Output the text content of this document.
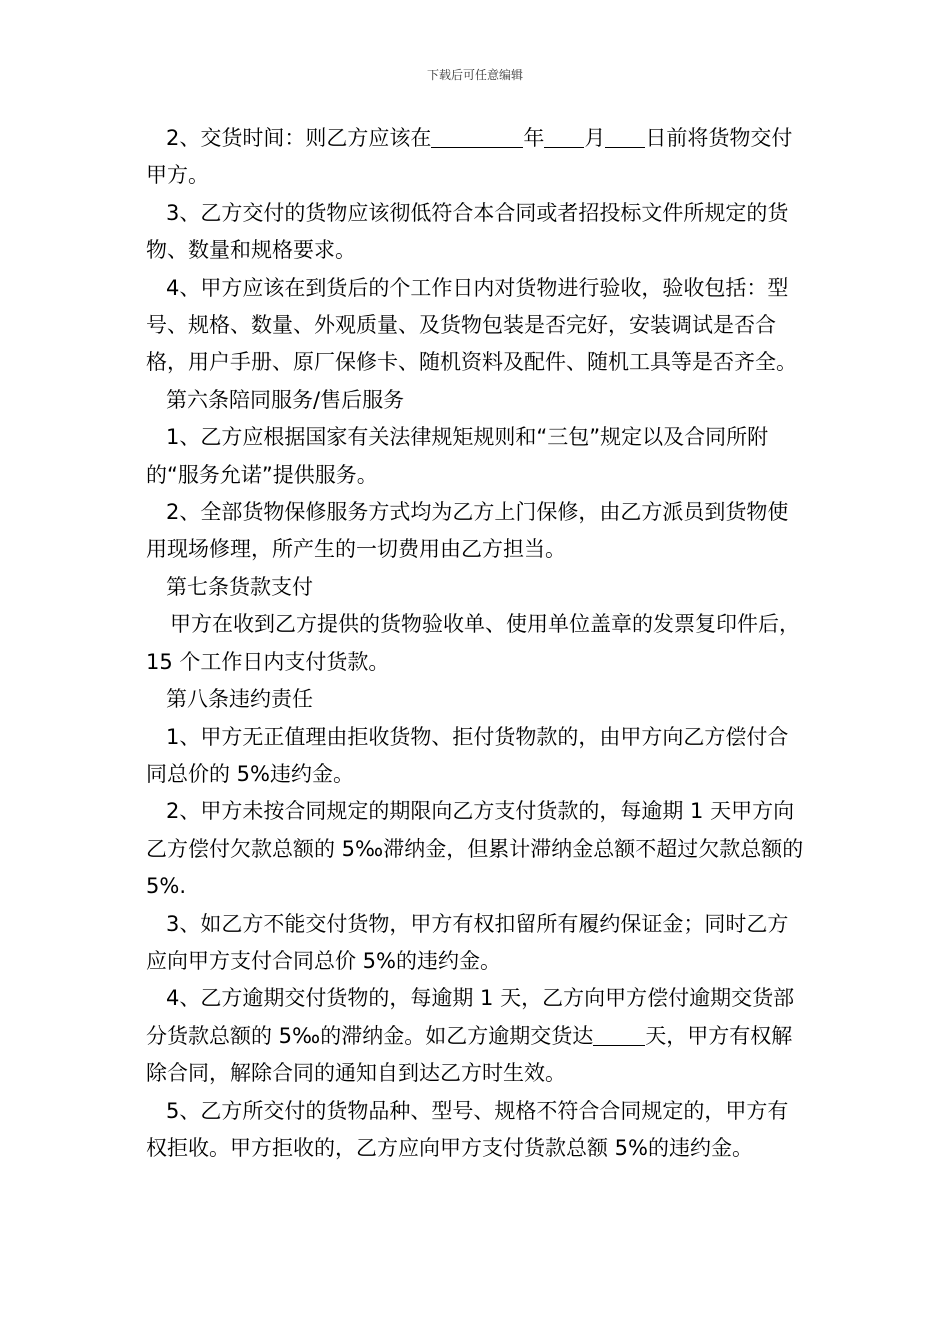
下载后可任意编辑

2、交货时间：则乙方应该在	年 月 日前将货物交付甲方。

3、乙方交付的货物应该彻低符合本合同或者招投标文件所规定的货物、数量和规格要求。

4、甲方应该在到货后的个工作日内对货物进行验收，验收包括：型号、规格、数量、外观质量、及货物包装是否完好，安装调试是否合格，用户手册、原厂保修卡、随机资料及配件、随机工具等是否齐全。

第六条陪同服务/售后服务

1、乙方应根据国家有关法律规矩规则和“三包”规定以及合同所附的“服务允诺”提供服务。

2、全部货物保修服务方式均为乙方上门保修，由乙方派员到货物使用现场修理，所产生的一切费用由乙方担当。

第七条货款支付

甲方在收到乙方提供的货物验收单、使用单位盖章的发票复印件后，15 个工作日内支付货款。

第八条违约责任

1、甲方无正值理由拒收货物、拒付货物款的，由甲方向乙方偿付合同总价的 5%违约金。

2、甲方未按合同规定的期限向乙方支付货款的，每逾期 1 天甲方向乙方偿付欠款总额的 5‰滞纳金，但累计滞纳金总额不超过欠款总额的 5%.

3、如乙方不能交付货物，甲方有权扣留所有履约保证金；同时乙方应向甲方支付合同总价 5%的违约金。

4、乙方逾期交付货物的，每逾期 1 天，乙方向甲方偿付逾期交货部分货款总额的 5‰的滞纳金。如乙方逾期交货达 天，甲方有权解除合同，解除合同的通知自到达乙方时生效。

5、乙方所交付的货物品种、型号、规格不符合合同规定的，甲方有权拒收。甲方拒收的，乙方应向甲方支付货款总额 5%的违约金。
